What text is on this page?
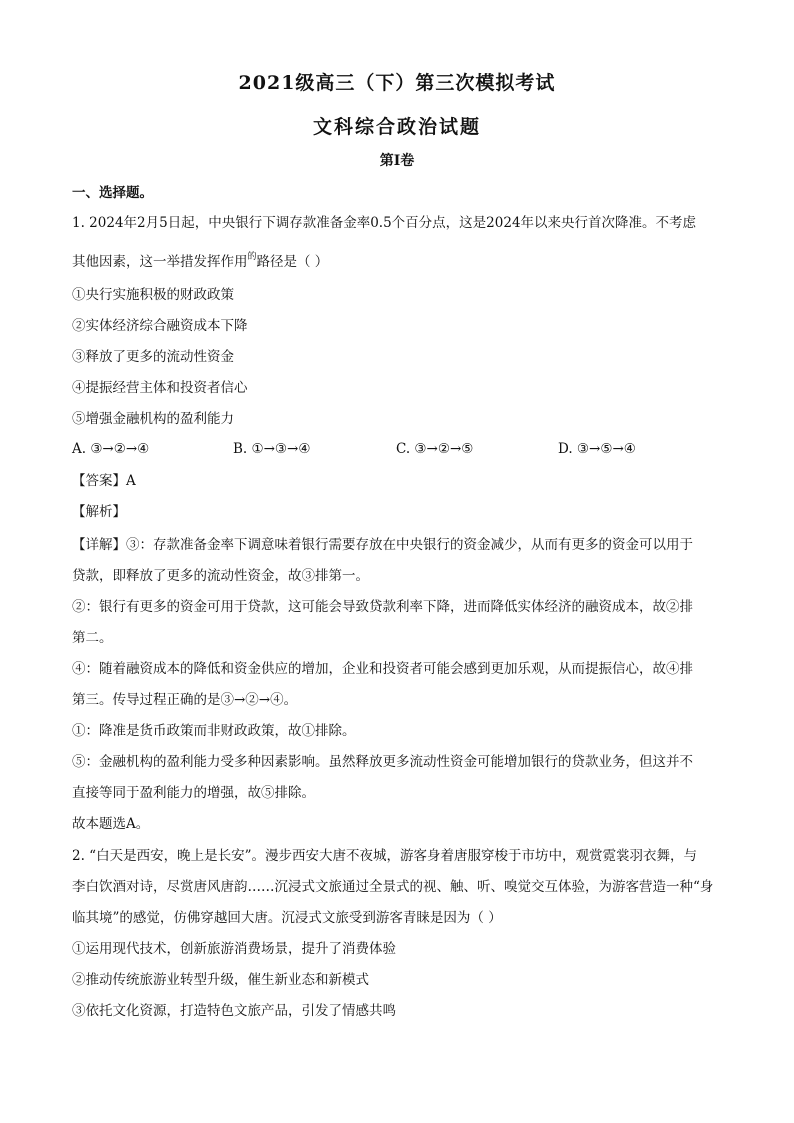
2021级高三（下）第三次模拟考试
文科综合政治试题
第Ⅰ卷
一、选择题。
1. 2024年2月5日起，中央银行下调存款准备金率0.5个百分点，这是2024年以来央行首次降准。不考虑
其他因素，这一举措发挥作用$^的$路径是（ ）
①央行实施积极的财政政策
②实体经济综合融资成本下降
③释放了更多的流动性资金
④提振经营主体和投资者信心
⑤增强金融机构的盈利能力
A. ③→②→④	B. ①→③→④	C. ③→②→⑤	D. ③→⑤→④
【答案】A
【解析】
【详解】③：存款准备金率下调意味着银行需要存放在中央银行的资金减少，从而有更多的资金可以用于
贷款，即释放了更多的流动性资金，故③排第一。
②：银行有更多的资金可用于贷款，这可能会导致贷款利率下降，进而降低实体经济的融资成本，故②排
第二。
④：随着融资成本的降低和资金供应的增加，企业和投资者可能会感到更加乐观，从而提振信心，故④排
第三。传导过程正确的是③→②→④。
①：降准是货币政策而非财政政策，故①排除。
⑤：金融机构的盈利能力受多种因素影响。虽然释放更多流动性资金可能增加银行的贷款业务，但这并不
直接等同于盈利能力的增强，故⑤排除。
故本题选A。
2. “白天是西安，晚上是长安”。漫步西安大唐不夜城，游客身着唐服穿梭于市坊中，观赏霓裳羽衣舞，与
李白饮酒对诗，尽赏唐风唐韵……沉浸式文旅通过全景式的视、触、听、嗅觉交互体验，为游客营造一种“身
临其境”的感觉，仿佛穿越回大唐。沉浸式文旅受到游客青睐是因为（ ）
①运用现代技术，创新旅游消费场景，提升了消费体验
②推动传统旅游业转型升级，催生新业态和新模式
③依托文化资源，打造特色文旅产品，引发了情感共鸣
